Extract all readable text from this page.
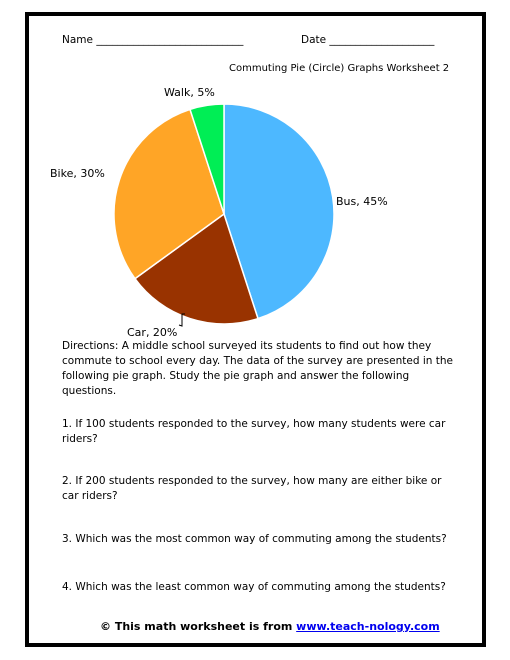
Name ____________________________	Date ____________________
Commuting Pie (Circle) Graphs Worksheet 2
Bus, 45%
Car, 20%
Bike, 30%
Walk, 5%
Directions: A middle school surveyed its students to find out how they commute to school every day. The data of the survey are presented in the following pie graph. Study the pie graph and answer the following questions.
1. If 100 students responded to the survey, how many students were car riders?
2. If 200 students responded to the survey, how many are either bike or car riders?
3. Which was the most common way of commuting among the students?
4. Which was the least common way of commuting among the students?
© This math worksheet is from www.teach-nology.com
